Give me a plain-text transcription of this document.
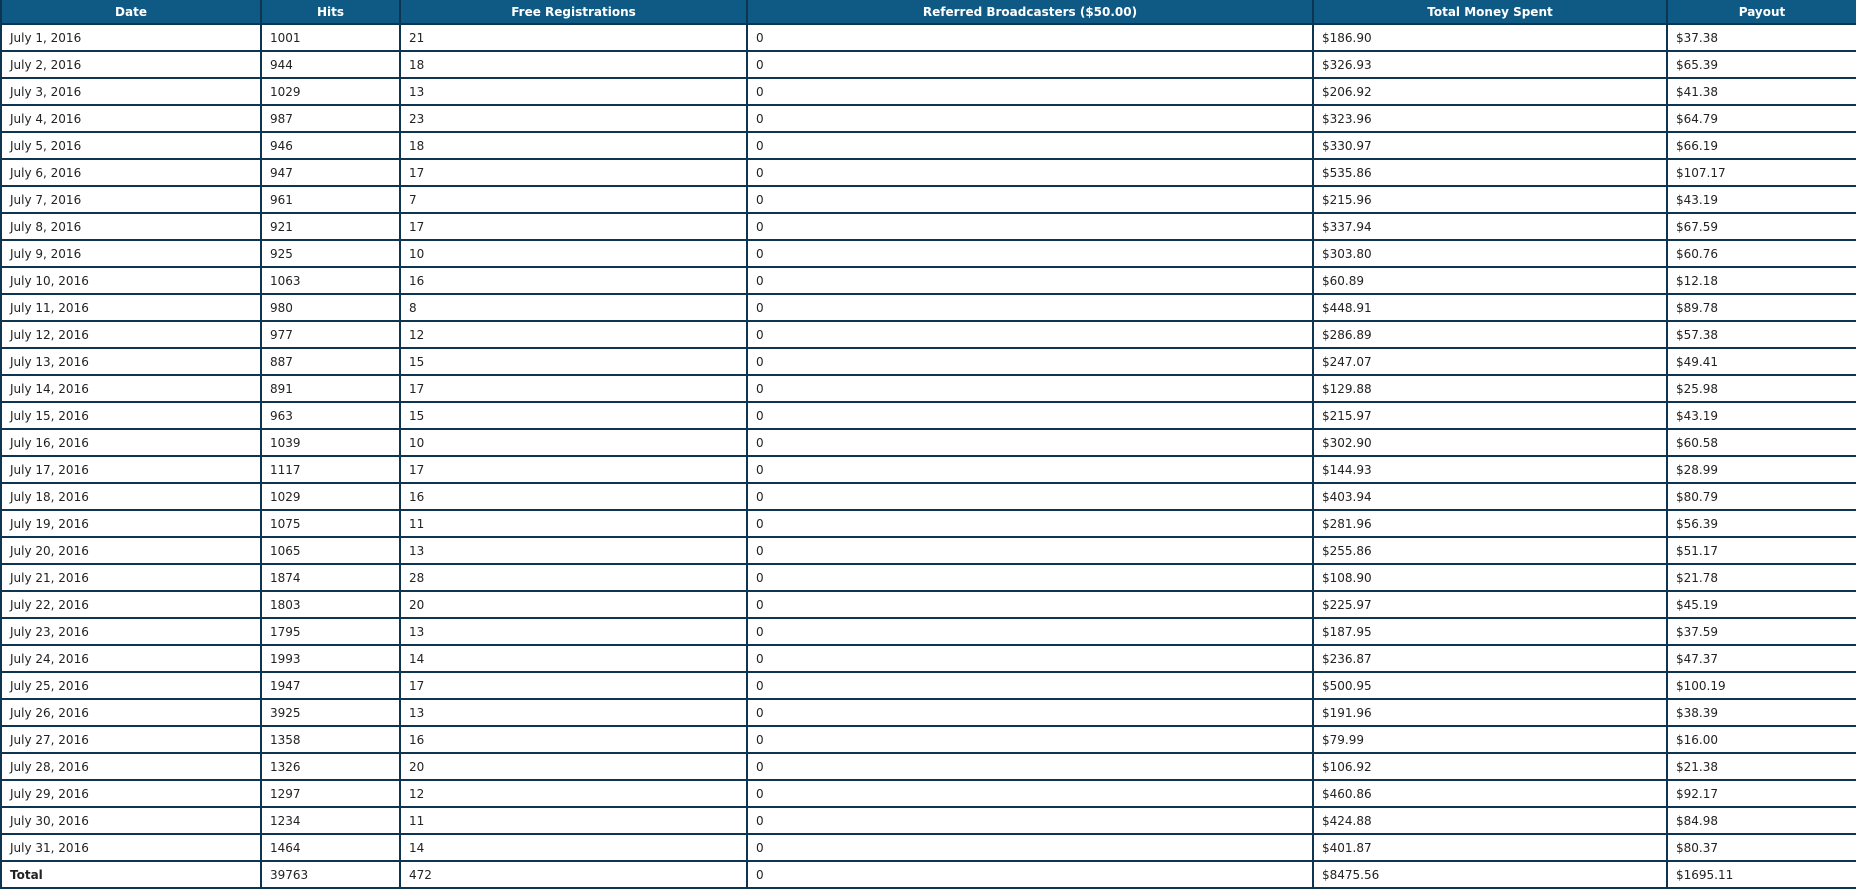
Date	Hits	Free Registrations	Referred Broadcasters ($50.00)	Total Money Spent	Payout
July 1, 2016	1001	21	0	$186.90	$37.38
July 2, 2016	944	18	0	$326.93	$65.39
July 3, 2016	1029	13	0	$206.92	$41.38
July 4, 2016	987	23	0	$323.96	$64.79
July 5, 2016	946	18	0	$330.97	$66.19
July 6, 2016	947	17	0	$535.86	$107.17
July 7, 2016	961	7	0	$215.96	$43.19
July 8, 2016	921	17	0	$337.94	$67.59
July 9, 2016	925	10	0	$303.80	$60.76
July 10, 2016	1063	16	0	$60.89	$12.18
July 11, 2016	980	8	0	$448.91	$89.78
July 12, 2016	977	12	0	$286.89	$57.38
July 13, 2016	887	15	0	$247.07	$49.41
July 14, 2016	891	17	0	$129.88	$25.98
July 15, 2016	963	15	0	$215.97	$43.19
July 16, 2016	1039	10	0	$302.90	$60.58
July 17, 2016	1117	17	0	$144.93	$28.99
July 18, 2016	1029	16	0	$403.94	$80.79
July 19, 2016	1075	11	0	$281.96	$56.39
July 20, 2016	1065	13	0	$255.86	$51.17
July 21, 2016	1874	28	0	$108.90	$21.78
July 22, 2016	1803	20	0	$225.97	$45.19
July 23, 2016	1795	13	0	$187.95	$37.59
July 24, 2016	1993	14	0	$236.87	$47.37
July 25, 2016	1947	17	0	$500.95	$100.19
July 26, 2016	3925	13	0	$191.96	$38.39
July 27, 2016	1358	16	0	$79.99	$16.00
July 28, 2016	1326	20	0	$106.92	$21.38
July 29, 2016	1297	12	0	$460.86	$92.17
July 30, 2016	1234	11	0	$424.88	$84.98
July 31, 2016	1464	14	0	$401.87	$80.37
Total	39763	472	0	$8475.56	$1695.11
